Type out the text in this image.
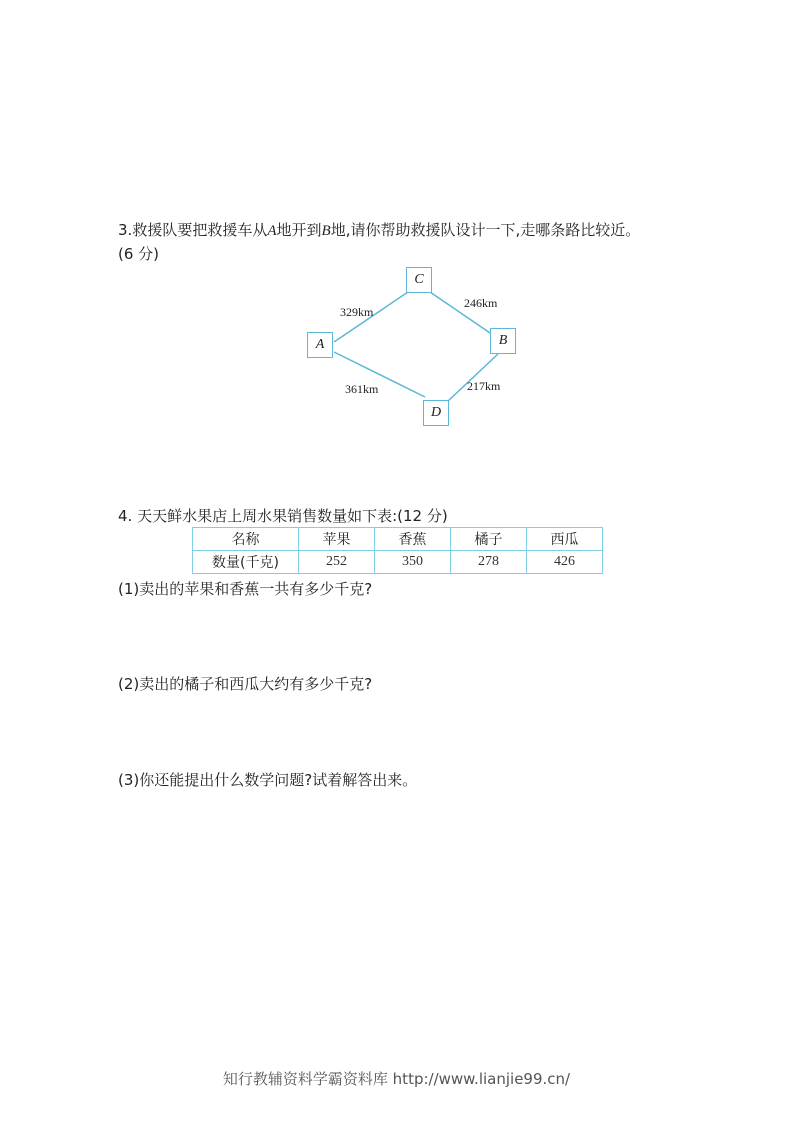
3.救援队要把救援车从A地开到B地,请你帮助救援队设计一下,走哪条路比较近。
(6 分)
C
B
A
D
329km
246km
361km	217km
4. 天天鲜水果店上周水果销售数量如下表:(12 分)
名称	苹果	香蕉	橘子	西瓜
数量(千克)	252	350	278	426
(1)卖出的苹果和香蕉一共有多少千克?
(2)卖出的橘子和西瓜大约有多少千克?
(3)你还能提出什么数学问题?试着解答出来。
知行教辅资料学霸资料库 http://www.lianjie99.cn/
